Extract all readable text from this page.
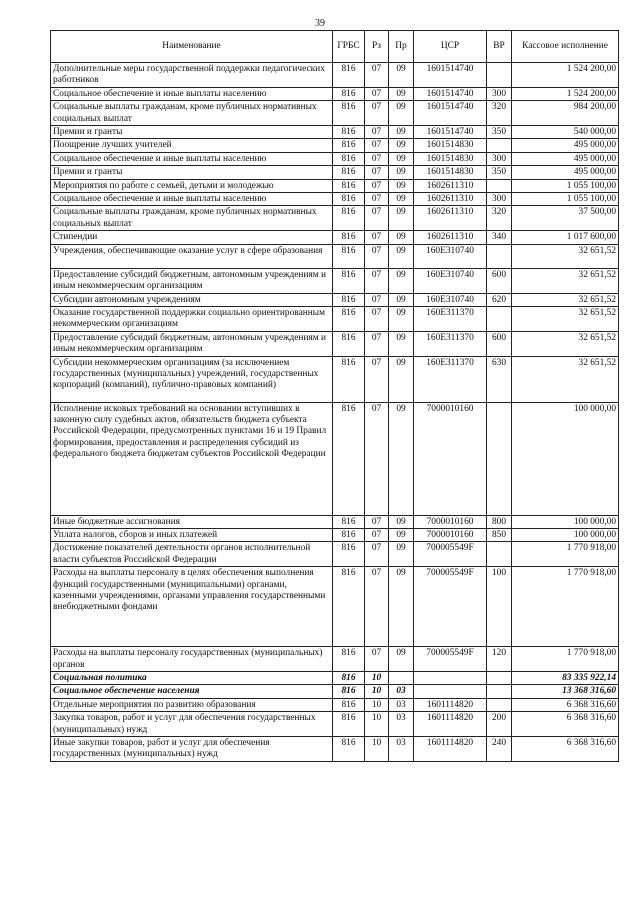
39
Наименование	ГРБС	Рз	Пр	ЦСР	ВР	Кассовое исполнение
Дополнительные меры государственной поддержки педагогических работников	816	07	09	1601514740		1 524 200,00
Социальное обеспечение и иные выплаты населению	816	07	09	1601514740	300	1 524 200,00
Социальные выплаты гражданам, кроме публичных нормативных социальных выплат	816	07	09	1601514740	320	984 200,00
Премии и гранты	816	07	09	1601514740	350	540 000,00
Поощрение лучших учителей	816	07	09	1601514830		495 000,00
Социальное обеспечение и иные выплаты населению	816	07	09	1601514830	300	495 000,00
Премии и гранты	816	07	09	1601514830	350	495 000,00
Мероприятия по работе с семьей, детьми и молодежью	816	07	09	1602611310		1 055 100,00
Социальное обеспечение и иные выплаты населению	816	07	09	1602611310	300	1 055 100,00
Социальные выплаты гражданам, кроме публичных нормативных социальных выплат	816	07	09	1602611310	320	37 500,00
Стипендии	816	07	09	1602611310	340	1 017 600,00
Учреждения, обеспечивающие оказание услуг в сфере образования	816	07	09	160Е310740		32 651,52
Предоставление субсидий бюджетным, автономным учреждениям и иным некоммерческим организациям	816	07	09	160Е310740	600	32 651,52
Субсидии автономным учреждениям	816	07	09	160Е310740	620	32 651,52
Оказание государственной поддержки социально ориентированным некоммерческим организациям	816	07	09	160Е311370		32 651,52
Предоставление субсидий бюджетным, автономным учреждениям и иным некоммерческим организациям	816	07	09	160Е311370	600	32 651,52
Субсидии некоммерческим организациям (за исключением государственных (муниципальных) учреждений, государственных корпораций (компаний), публично-правовых компаний)	816	07	09	160Е311370	630	32 651,52
Исполнение исковых требований на основании вступивших в законную силу судебных актов, обязательств бюджета субъекта Российской Федерации, предусмотренных пунктами 16 и 19 Правил формирования, предоставления и распределения субсидий из федерального бюджета бюджетам субъектов Российской Федерации	816	07	09	7000010160		100 000,00
Иные бюджетные ассигнования	816	07	09	7000010160	800	100 000,00
Уплата налогов, сборов и иных платежей	816	07	09	7000010160	850	100 000,00
Достижение показателей деятельности органов исполнительной власти субъектов Российской Федерации	816	07	09	700005549F		1 770 918,00
Расходы на выплаты персоналу в целях обеспечения выполнения функций государственными (муниципальными) органами, казенными учреждениями, органами управления государственными внебюджетными фондами	816	07	09	700005549F	100	1 770 918,00
Расходы на выплаты персоналу государственных (муниципальных) органов	816	07	09	700005549F	120	1 770 918,00
Социальная политика	816	10				83 335 922,14
Социальное обеспечение населения	816	10	03			13 368 316,60
Отдельные мероприятия по развитию образования	816	10	03	1601114820		6 368 316,60
Закупка товаров, работ и услуг для обеспечения государственных (муниципальных) нужд	816	10	03	1601114820	200	6 368 316,60
Иные закупки товаров, работ и услуг для обеспечения государственных (муниципальных) нужд	816	10	03	1601114820	240	6 368 316,60
